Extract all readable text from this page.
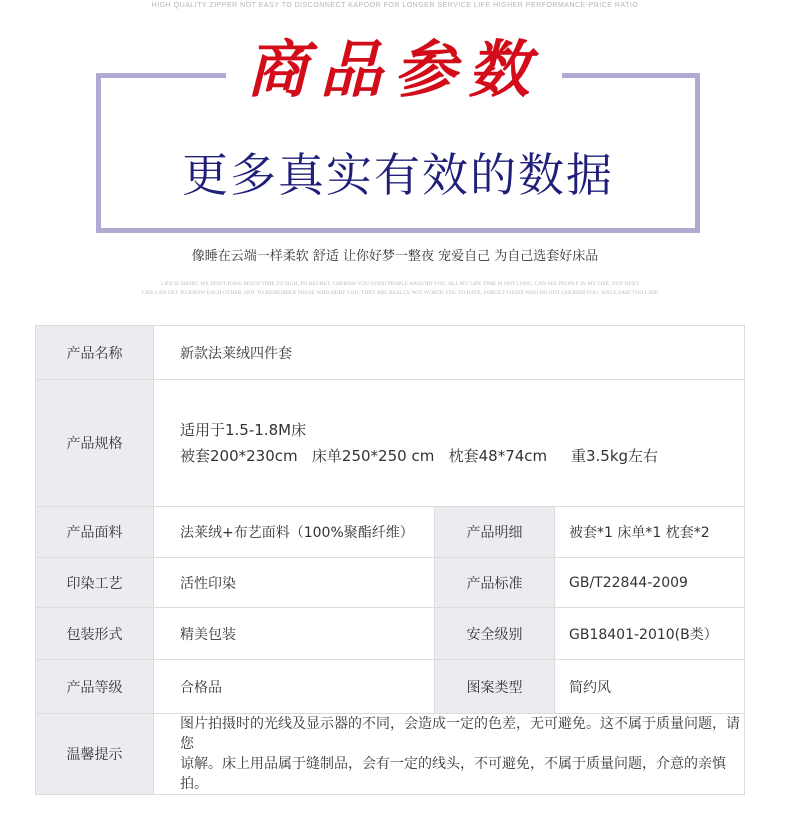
HIGH QUALITY ZIPPER NOT EASY TO DISCONNECT KAPOOR FOR LONGER SERVICE LIFE HIGHER PERFORMANCE-PRICE RATIO
商品参数
更多真实有效的数据
像睡在云端一样柔软 舒适 让你好梦一整夜 宠爱自己 为自己选套好床品
LIFE IS SHORT, WE DON'T HAVE MUCH TIME TO SIGH, TO REGRET, CHERISH YOU GOOD PEOPLE AROUND YOU, ALL MY LIFE TIME IS NOT LONG, CAN SEE PEOPLE IN MY LIFE, NOT NEXT
LIFE CAN GET TO KNOW EACH OTHER, NOT TO REMEMBER THOSE WHO HURT YOU, THEY ARE REALLY NOT WORTH YOU TO HATE, FORGET THOSE WHO DO NOT CHERISH YOU, SINCE SAID TOO LATE
产品名称	新款法莱绒四件套		
产品规格	适用于1.5-1.8M床
被套200*230cm   床单250*250 cm   枕套48*74cm     重3.5kg左右		

产品面料	法莱绒+布艺面料（100%聚酯纤维）	产品明细	被套*1 床单*1 枕套*2
印染工艺	活性印染	产品标准	GB/T22844-2009
包装形式	精美包装	安全级别	GB18401-2010(B类）
产品等级	合格品	图案类型	简约风
温馨提示	图片拍摄时的光线及显示器的不同，会造成一定的色差，无可避免。这不属于质量问题，请您
谅解。床上用品属于缝制品，会有一定的线头，不可避免，不属于质量问题，介意的亲慎拍。		
